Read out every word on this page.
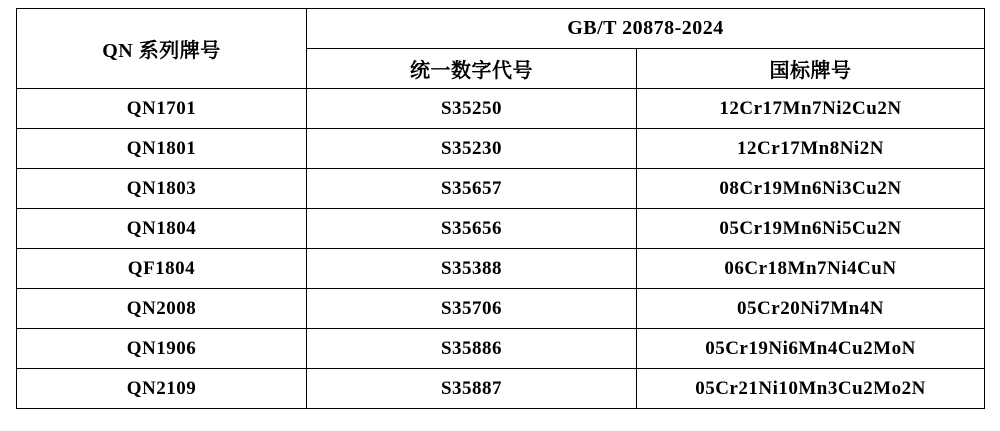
QN 系列牌号	GB/T 20878-2024	
	统一数字代号	国标牌号
QN1701	S35250	12Cr17Mn7Ni2Cu2N
QN1801	S35230	12Cr17Mn8Ni2N
QN1803	S35657	08Cr19Mn6Ni3Cu2N
QN1804	S35656	05Cr19Mn6Ni5Cu2N
QF1804	S35388	06Cr18Mn7Ni4CuN
QN2008	S35706	05Cr20Ni7Mn4N
QN1906	S35886	05Cr19Ni6Mn4Cu2MoN
QN2109	S35887	05Cr21Ni10Mn3Cu2Mo2N
